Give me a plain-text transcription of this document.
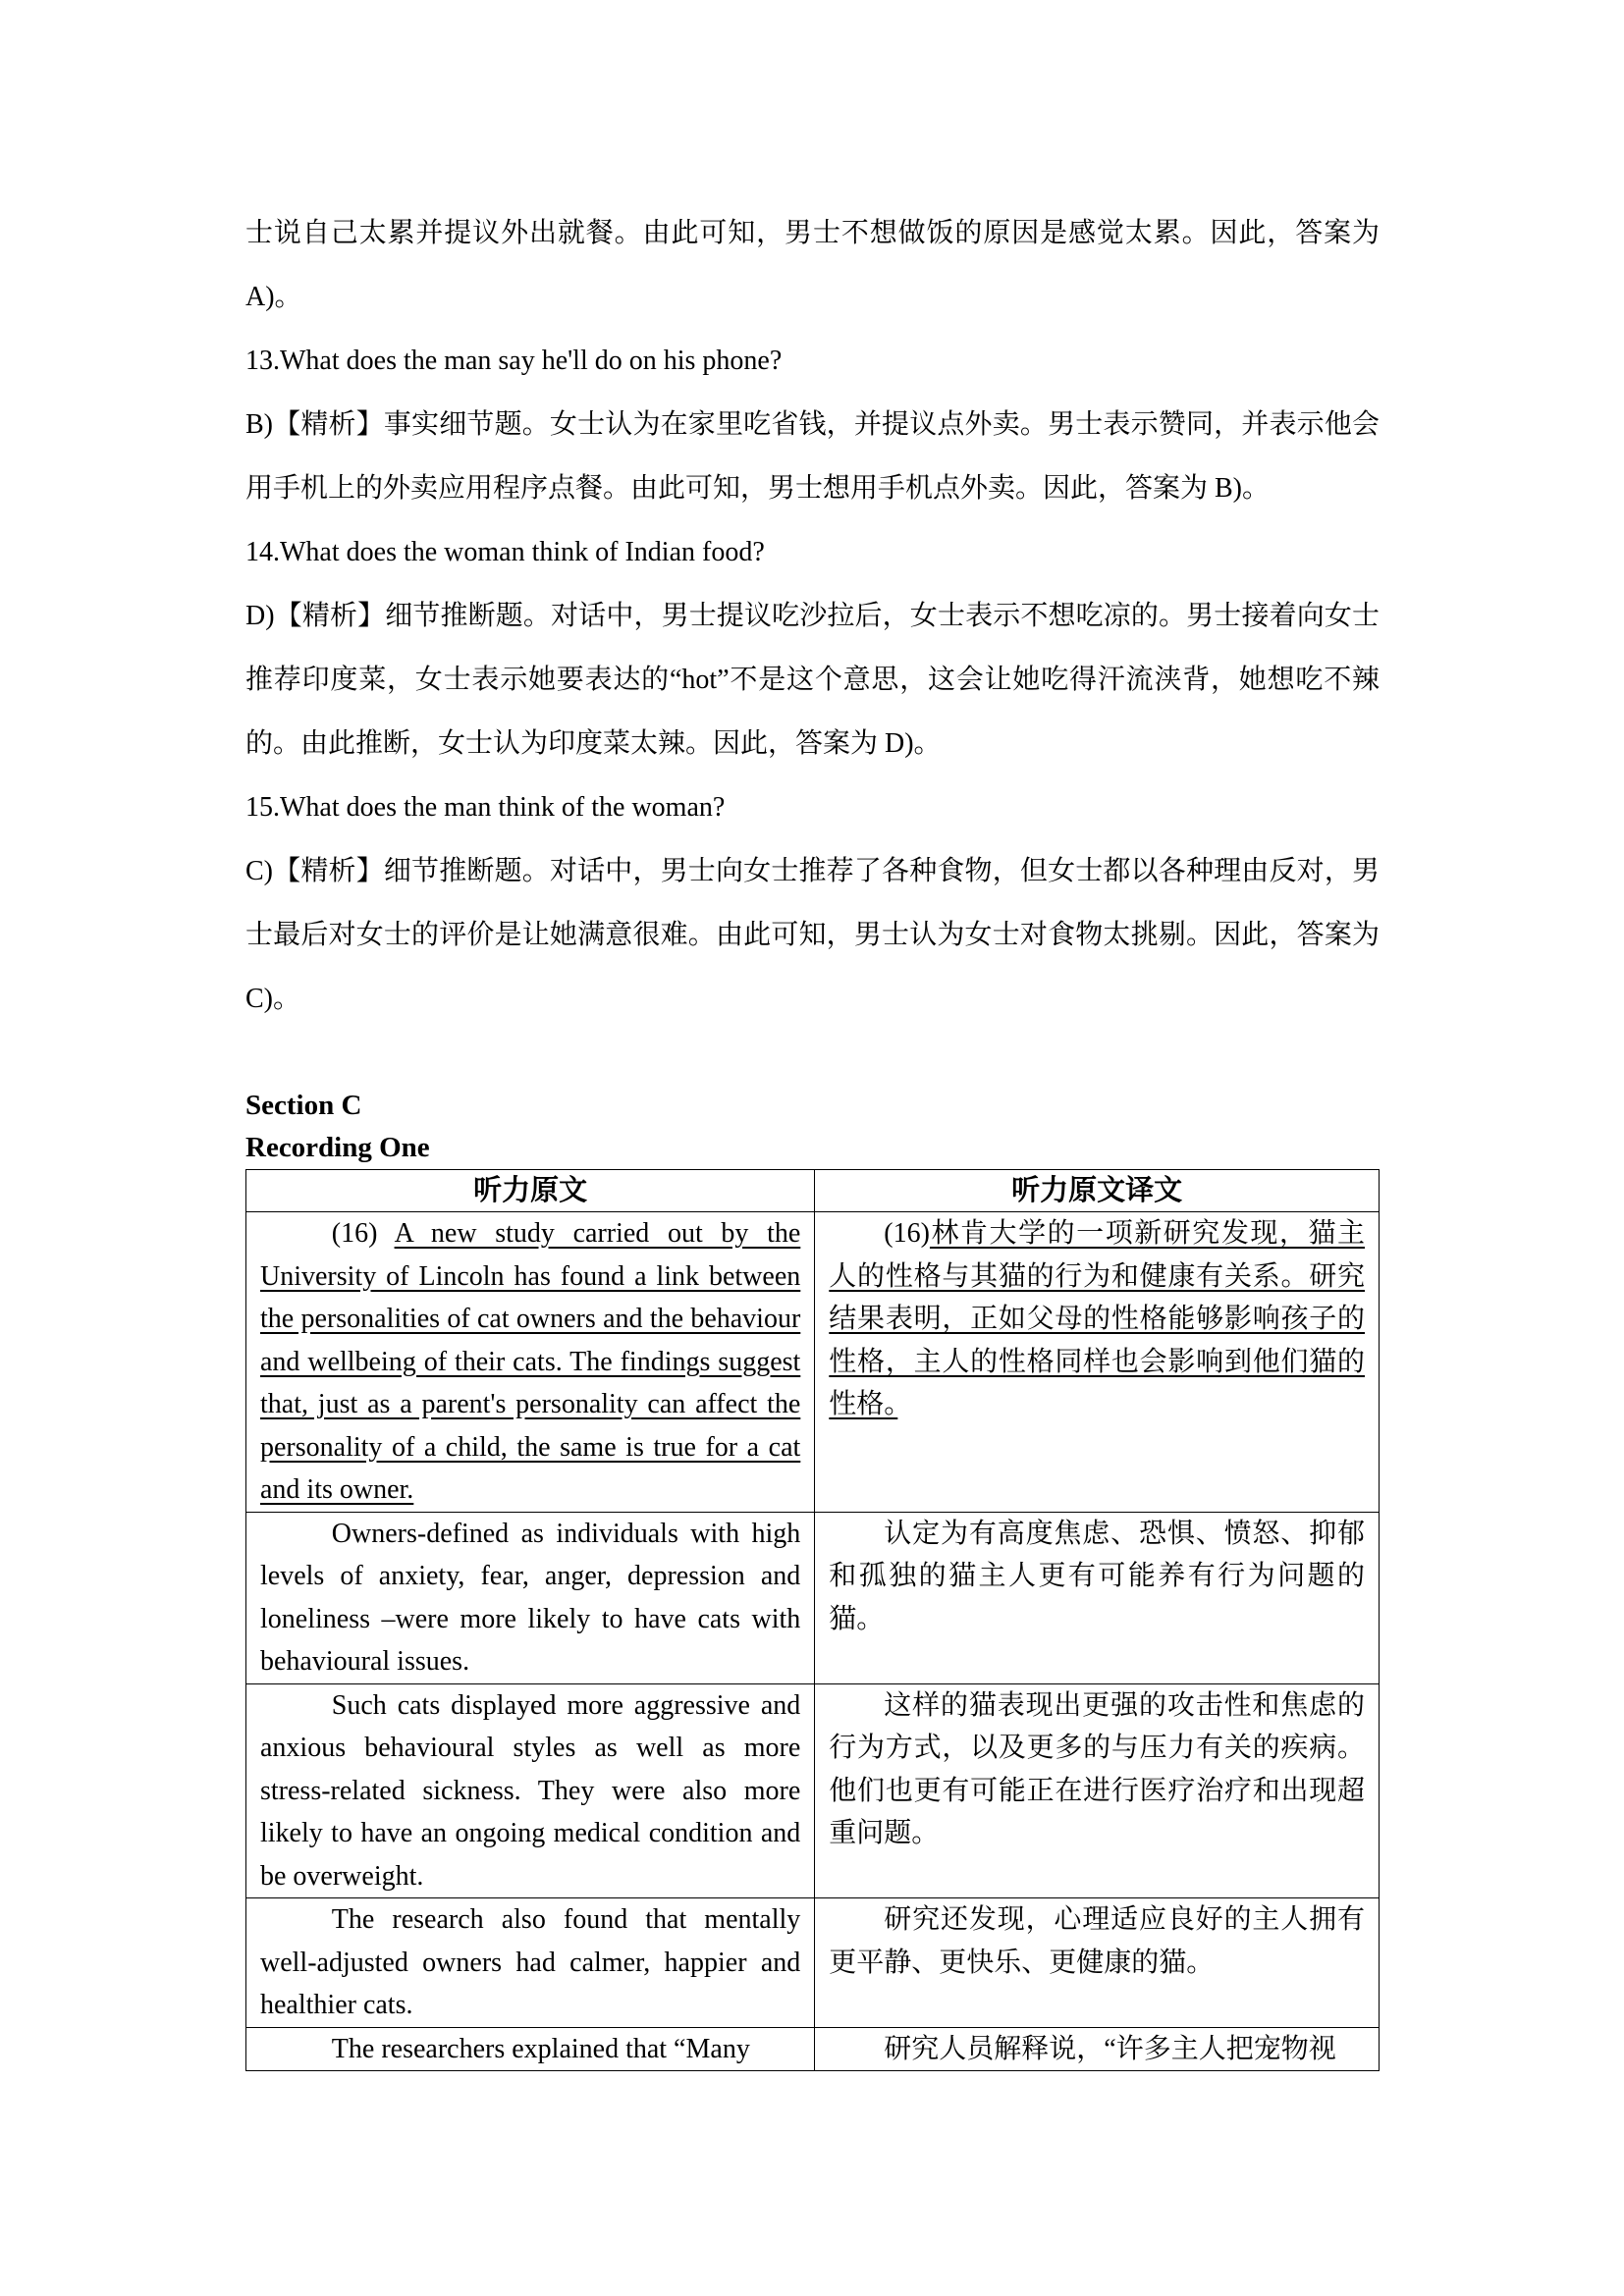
士说自己太累并提议外出就餐。由此可知，男士不想做饭的原因是感觉太累。因此，答案为A)。

13.What does the man say he'll do on his phone?

B)【精析】事实细节题。女士认为在家里吃省钱，并提议点外卖。男士表示赞同，并表示他会用手机上的外卖应用程序点餐。由此可知，男士想用手机点外卖。因此，答案为 B)。

14.What does the woman think of Indian food?

D)【精析】细节推断题。对话中，男士提议吃沙拉后，女士表示不想吃凉的。男士接着向女士推荐印度菜，女士表示她要表达的“hot”不是这个意思，这会让她吃得汗流浃背，她想吃不辣的。由此推断，女士认为印度菜太辣。因此，答案为 D)。

15.What does the man think of the woman?

C)【精析】细节推断题。对话中，男士向女士推荐了各种食物，但女士都以各种理由反对，男士最后对女士的评价是让她满意很难。由此可知，男士认为女士对食物太挑剔。因此，答案为 C)。

Section C

Recording One

听力原文	听力原文译文

(16) A new study carried out by the University of Lincoln has found a link between the personalities of cat owners and the behaviour and wellbeing of their cats. The findings suggest that, just as a parent's personality can affect the personality of a child, the same is true for a cat and its owner.	(16)林肯大学的一项新研究发现，猫主人的性格与其猫的行为和健康有关系。研究结果表明，正如父母的性格能够影响孩子的性格，主人的性格同样也会影响到他们猫的性格。　

Owners-defined as individuals with high levels of anxiety, fear, anger, depression and loneliness –were more likely to have cats with behavioural issues.	认定为有高度焦虑、恐惧、愤怒、抑郁和孤独的猫主人更有可能养有行为问题的猫。

Such cats displayed more aggressive and anxious behavioural styles as well as more stress-related sickness. They were also more likely to have an ongoing medical condition and be overweight.	这样的猫表现出更强的攻击性和焦虑的行为方式，以及更多的与压力有关的疾病。他们也更有可能正在进行医疗治疗和出现超重问题。

The research also found that mentally well-adjusted owners had calmer, happier and healthier cats.	研究还发现，心理适应良好的主人拥有更平静、更快乐、更健康的猫。

The researchers explained that “Many	研究人员解释说，“许多主人把宠物视
